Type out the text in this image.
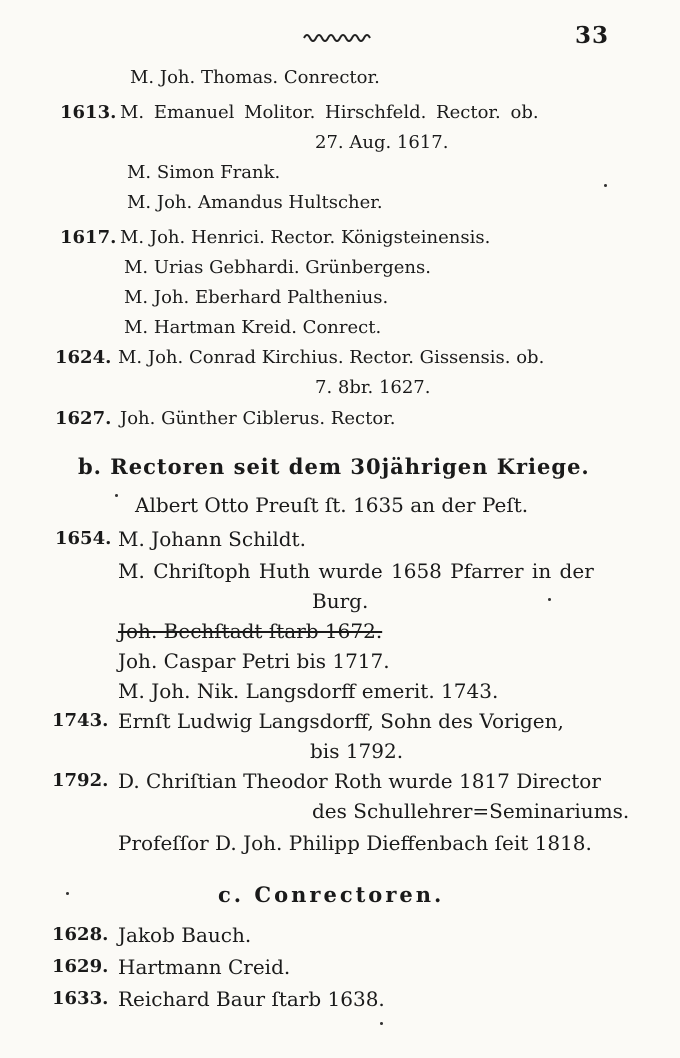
33
M. Joh. Thomas. Conrector.
1613. M. Emanuel Molitor. Hirschfeld. Rector. ob.
27. Aug. 1617.
M. Simon Frank.
M. Joh. Amandus Hultscher.
1617. M. Joh. Henrici. Rector. Königsteinensis.
M. Urias Gebhardi. Grünbergens.
M. Joh. Eberhard Palthenius.
M. Hartman Kreid. Conrect.
1624. M. Joh. Conrad Kirchius. Rector. Gissensis. ob.
7. 8br. 1627.
1627. Joh. Günther Ciblerus. Rector.
b. Rectoren seit dem 30jährigen Kriege.
Albert Otto Preuſt ſt. 1635 an der Peſt.
1654. M. Johann Schildt.
M. Chriſtoph Huth wurde 1658 Pfarrer in der
Burg.
Joh. Bechſtadt ſtarb 1672.
Joh. Caspar Petri bis 1717.
M. Joh. Nik. Langsdorff emerit. 1743.
1743. Ernſt Ludwig Langsdorff, Sohn des Vorigen,
bis 1792.
1792. D. Chriſtian Theodor Roth wurde 1817 Director
des Schullehrer=Seminariums.
Profeſſor D. Joh. Philipp Dieffenbach ſeit 1818.
c. Conrectoren.
1628. Jakob Bauch.
1629. Hartmann Creid.
1633. Reichard Baur ſtarb 1638.
